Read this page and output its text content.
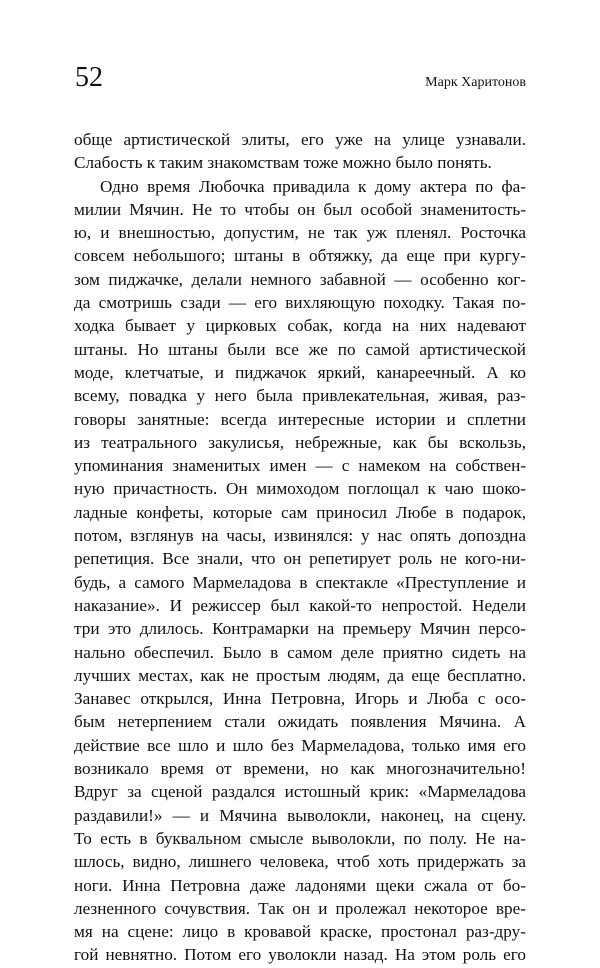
52	Марк Харитонов
обще артистической элиты, его уже на улице узнавали.
Слабость к таким знакомствам тоже можно было понять.
Одно время Любочка привадила к дому актера по фа-
милии Мячин. Не то чтобы он был особой знаменитость-
ю, и внешностью, допустим, не так уж пленял. Росточка
совсем небольшого; штаны в обтяжку, да еще при кургу-
зом пиджачке, делали немного забавной — особенно ког-
да смотришь сзади — его вихляющую походку. Такая по-
ходка бывает у цирковых собак, когда на них надевают
штаны. Но штаны были все же по самой артистической
моде, клетчатые, и пиджачок яркий, канареечный. А ко
всему, повадка у него была привлекательная, живая, раз-
говоры занятные: всегда интересные истории и сплетни
из театрального закулисья, небрежные, как бы вскользь,
упоминания знаменитых имен — с намеком на собствен-
ную причастность. Он мимоходом поглощал к чаю шоко-
ладные конфеты, которые сам приносил Любе в подарок,
потом, взглянув на часы, извинялся: у нас опять допоздна
репетиция. Все знали, что он репетирует роль не кого-ни-
будь, а самого Мармеладова в спектакле «Преступление и
наказание». И режиссер был какой-то непростой. Недели
три это длилось. Контрамарки на премьеру Мячин персо-
нально обеспечил. Было в самом деле приятно сидеть на
лучших местах, как не простым людям, да еще бесплатно.
Занавес открылся, Инна Петровна, Игорь и Люба с осо-
бым нетерпением стали ожидать появления Мячина. А
действие все шло и шло без Мармеладова, только имя его
возникало время от времени, но как многозначительно!
Вдруг за сценой раздался истошный крик: «Мармеладова
раздавили!» — и Мячина выволокли, наконец, на сцену.
То есть в буквальном смысле выволокли, по полу. Не на-
шлось, видно, лишнего человека, чтоб хоть придержать за
ноги. Инна Петровна даже ладонями щеки сжала от бо-
лезненного сочувствия. Так он и пролежал некоторое вре-
мя на сцене: лицо в кровавой краске, простонал раз-дру-
гой невнятно. Потом его уволокли назад. На этом роль его
